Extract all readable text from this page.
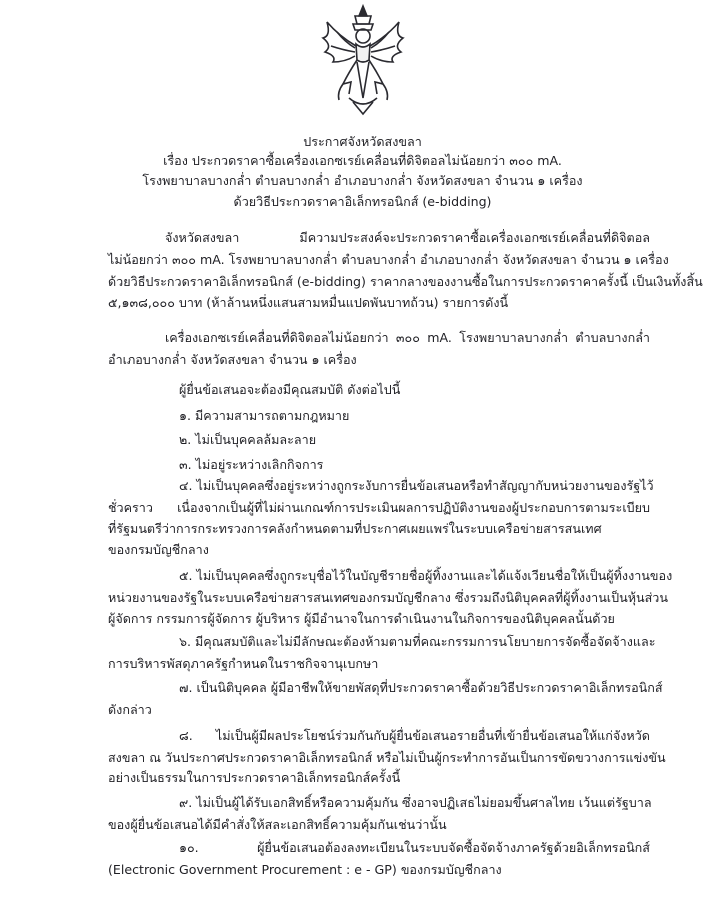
ประกาศจังหวัดสงขลา

เรื่อง ประกวดราคาซื้อเครื่องเอกซเรย์เคลื่อนที่ดิจิตอลไม่น้อยกว่า ๓๐๐ mA.

โรงพยาบาลบางกล่ำ ตำบลบางกล่ำ อำเภอบางกล่ำ จังหวัดสงขลา จำนวน ๑ เครื่อง

ด้วยวิธีประกวดราคาอิเล็กทรอนิกส์ (e-bidding)

จังหวัดสงขลา มีความประสงค์จะประกวดราคาซื้อเครื่องเอกซเรย์เคลื่อนที่ดิจิตอล

ไม่น้อยกว่า ๓๐๐ mA. โรงพยาบาลบางกล่ำ ตำบลบางกล่ำ อำเภอบางกล่ำ จังหวัดสงขลา จำนวน ๑ เครื่อง

ด้วยวิธีประกวดราคาอิเล็กทรอนิกส์ (e-bidding) ราคากลางของงานซื้อในการประกวดราคาครั้งนี้ เป็นเงินทั้งสิ้น

๕,๑๓๘,๐๐๐ บาท (ห้าล้านหนึ่งแสนสามหมื่นแปดพันบาทถ้วน) รายการดังนี้

เครื่องเอกซเรย์เคลื่อนที่ดิจิตอลไม่น้อยกว่า ๓๐๐ mA. โรงพยาบาลบางกล่ำ ตำบลบางกล่ำ

อำเภอบางกล่ำ จังหวัดสงขลา จำนวน ๑ เครื่อง

ผู้ยื่นข้อเสนอจะต้องมีคุณสมบัติ ดังต่อไปนี้

๑. มีความสามารถตามกฎหมาย

๒. ไม่เป็นบุคคลล้มละลาย

๓. ไม่อยู่ระหว่างเลิกกิจการ

๔. ไม่เป็นบุคคลซึ่งอยู่ระหว่างถูกระงับการยื่นข้อเสนอหรือทำสัญญากับหน่วยงานของรัฐไว้

ชั่วคราว เนื่องจากเป็นผู้ที่ไม่ผ่านเกณฑ์การประเมินผลการปฏิบัติงานของผู้ประกอบการตามระเบียบ

ที่รัฐมนตรีว่าการกระทรวงการคลังกำหนดตามที่ประกาศเผยแพร่ในระบบเครือข่ายสารสนเทศ

ของกรมบัญชีกลาง

๕. ไม่เป็นบุคคลซึ่งถูกระบุชื่อไว้ในบัญชีรายชื่อผู้ทิ้งงานและได้แจ้งเวียนชื่อให้เป็นผู้ทิ้งงานของ

หน่วยงานของรัฐในระบบเครือข่ายสารสนเทศของกรมบัญชีกลาง ซึ่งรวมถึงนิติบุคคลที่ผู้ทิ้งงานเป็นหุ้นส่วน

ผู้จัดการ กรรมการผู้จัดการ ผู้บริหาร ผู้มีอำนาจในการดำเนินงานในกิจการของนิติบุคคลนั้นด้วย

๖. มีคุณสมบัติและไม่มีลักษณะต้องห้ามตามที่คณะกรรมการนโยบายการจัดซื้อจัดจ้างและ

การบริหารพัสดุภาครัฐกำหนดในราชกิจจานุเบกษา

๗. เป็นนิติบุคคล ผู้มีอาชีพให้ขายพัสดุที่ประกวดราคาซื้อด้วยวิธีประกวดราคาอิเล็กทรอนิกส์

ดังกล่าว

๘. ไม่เป็นผู้มีผลประโยชน์ร่วมกันกับผู้ยื่นข้อเสนอรายอื่นที่เข้ายื่นข้อเสนอให้แก่จังหวัด

สงขลา ณ วันประกาศประกวดราคาอิเล็กทรอนิกส์ หรือไม่เป็นผู้กระทำการอันเป็นการขัดขวางการแข่งขัน

อย่างเป็นธรรมในการประกวดราคาอิเล็กทรอนิกส์ครั้งนี้

๙. ไม่เป็นผู้ได้รับเอกสิทธิ์หรือความคุ้มกัน ซึ่งอาจปฏิเสธไม่ยอมขึ้นศาลไทย เว้นแต่รัฐบาล

ของผู้ยื่นข้อเสนอได้มีคำสั่งให้สละเอกสิทธิ์ความคุ้มกันเช่นว่านั้น

๑๐. ผู้ยื่นข้อเสนอต้องลงทะเบียนในระบบจัดซื้อจัดจ้างภาครัฐด้วยอิเล็กทรอนิกส์

(Electronic Government Procurement : e - GP) ของกรมบัญชีกลาง
